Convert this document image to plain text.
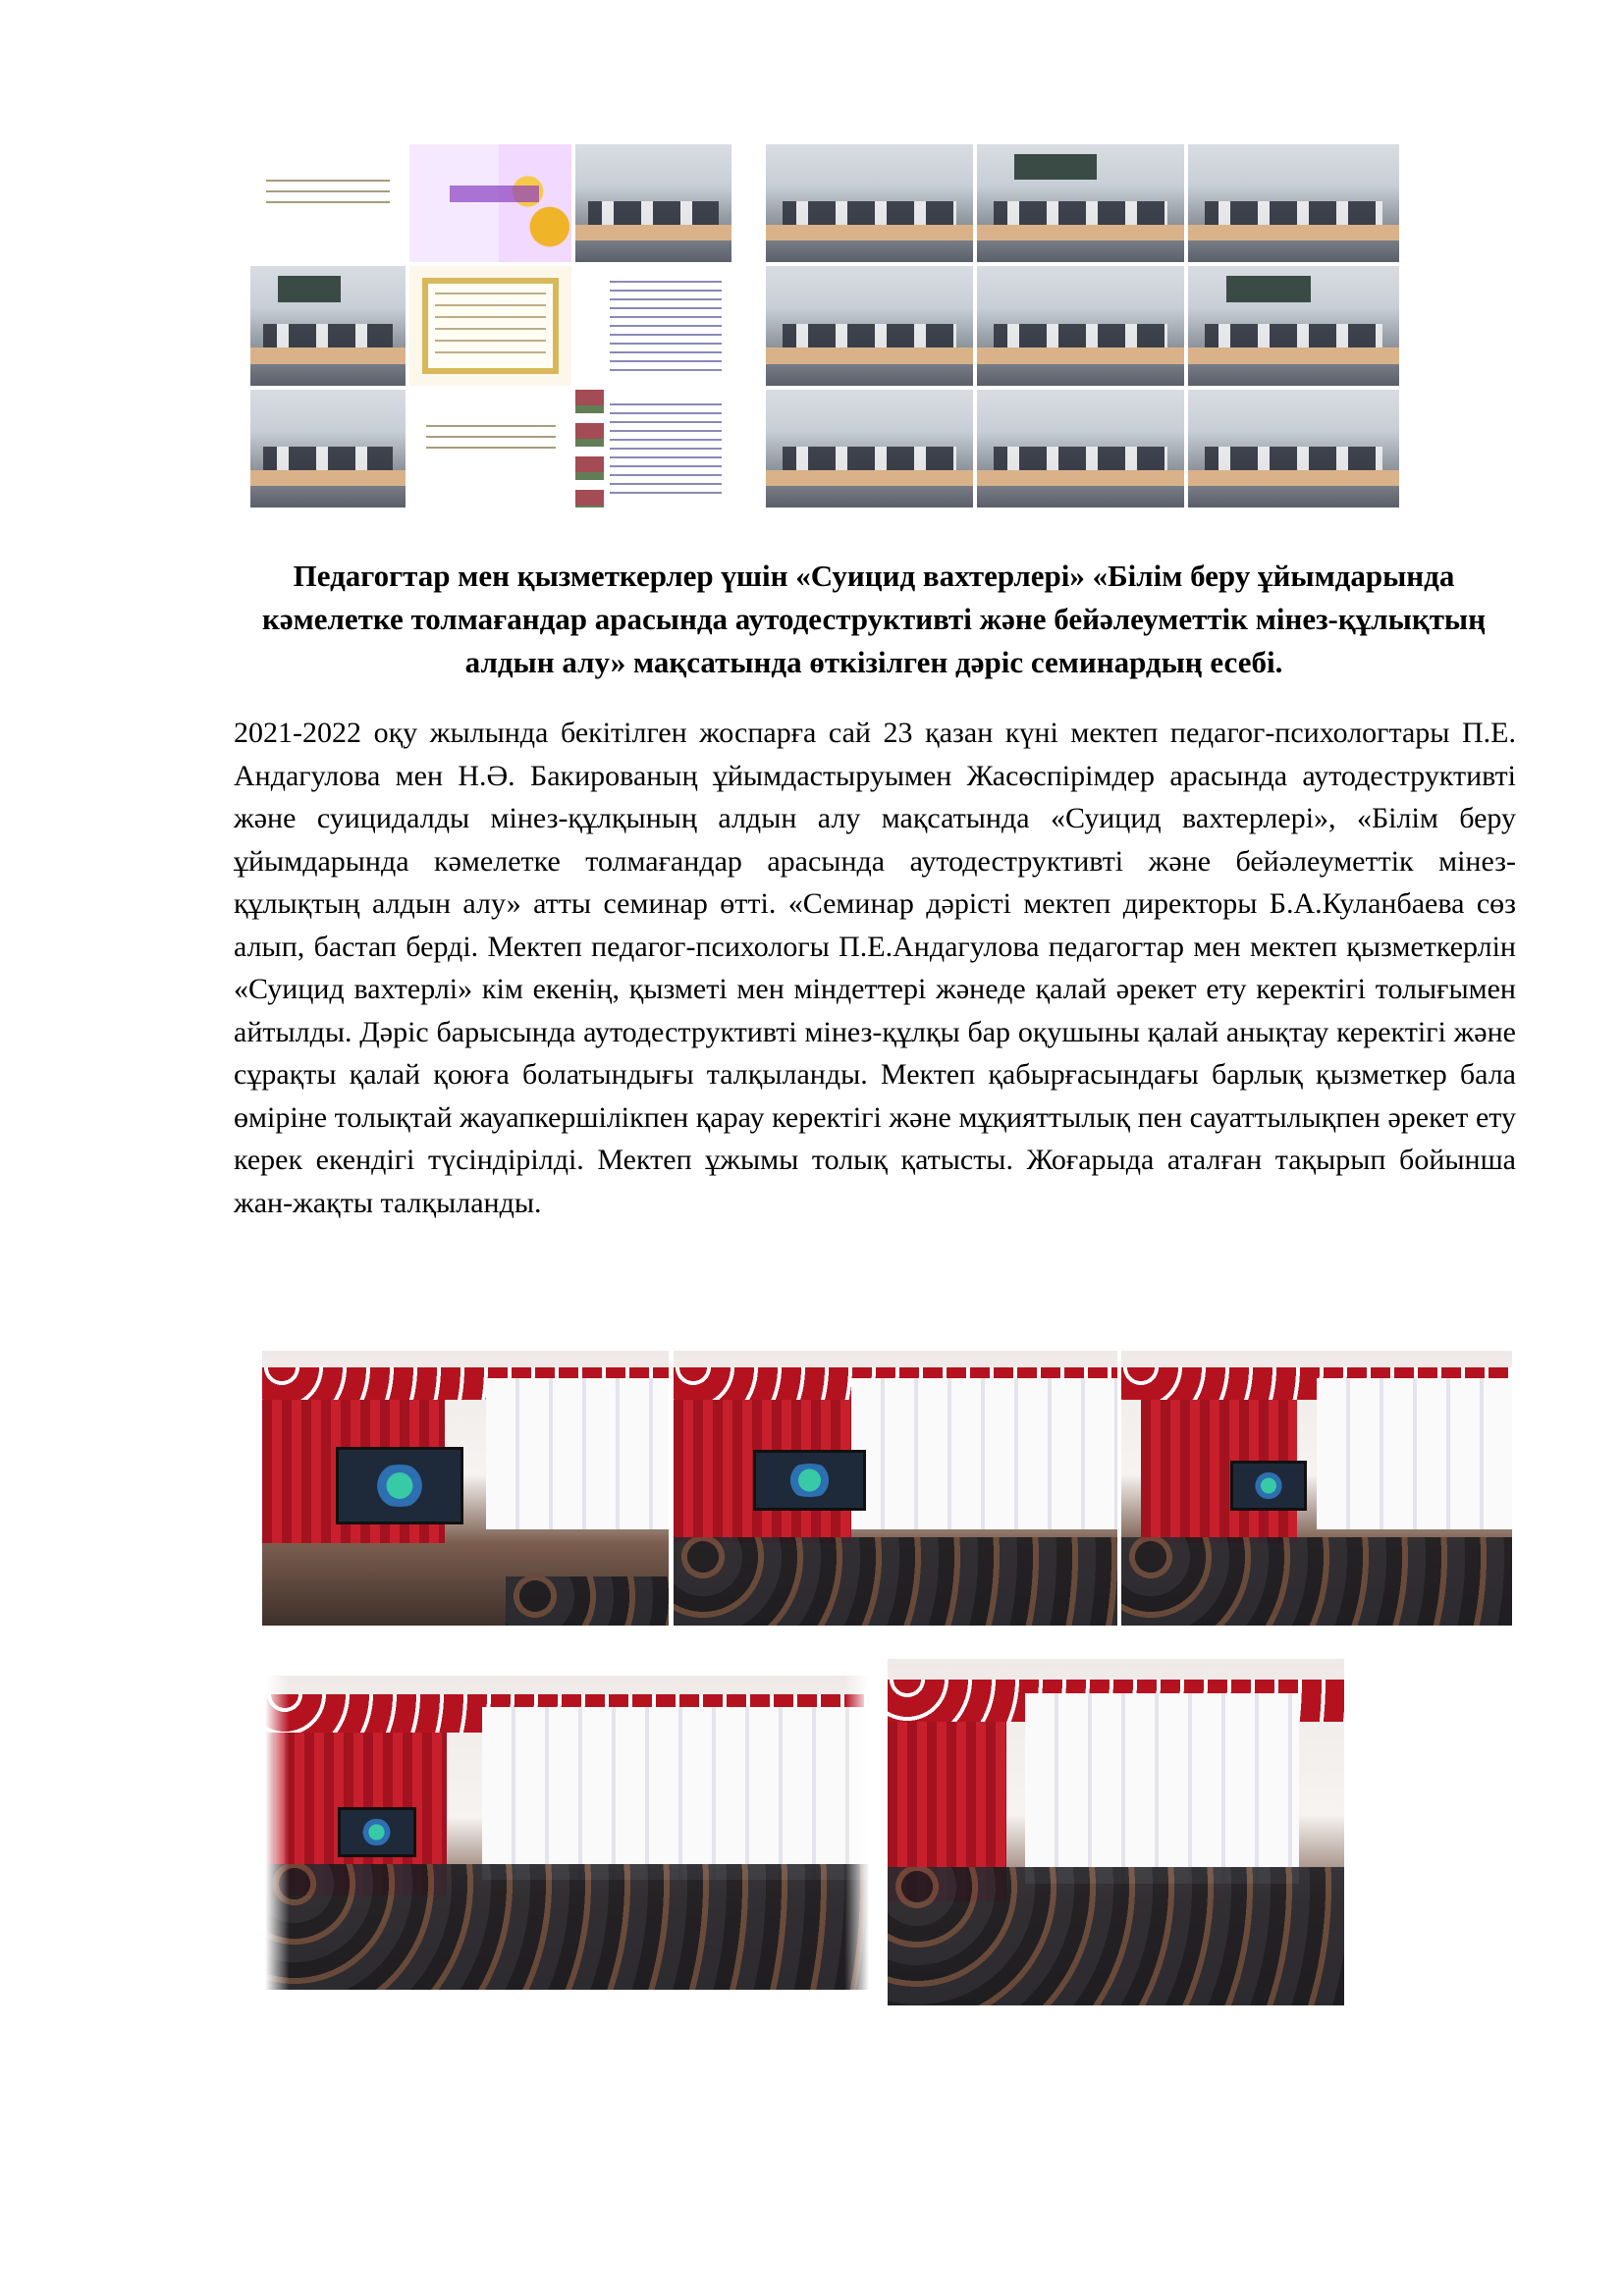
Педагогтар мен қызметкерлер үшін «Суицид вахтерлері» «Білім беру ұйымдарында кәмелетке толмағандар арасында аутодеструктивті және бейәлеуметтік мінез-құлықтың алдын алу» мақсатында өткізілген дәріс семинардың есебі.

2021-2022 оқу жылында бекітілген жоспарға сай 23 қазан күні мектеп педагог-психологтары П.Е. Андагулова мен Н.Ә. Бакированың ұйымдастыруымен Жасөспірімдер арасында аутодеструктивті және суицидалды мінез-құлқының алдын алу мақсатында «Суицид вахтерлері», «Білім беру ұйымдарында кәмелетке толмағандар арасында аутодеструктивті және бейәлеуметтік мінез-құлықтың алдын алу» атты семинар өтті. «Семинар дәрісті мектеп директоры Б.А.Куланбаева сөз алып, бастап берді. Мектеп педагог-психологы П.Е.Андагулова педагогтар мен мектеп қызметкерлін «Суицид вахтерлі» кім екенің, қызметі мен міндеттері жәнеде қалай әрекет ету керектігі толығымен айтылды. Дәріс барысында аутодеструктивті мінез-құлқы бар оқушыны қалай анықтау керектігі және сұрақты қалай қоюға болатындығы талқыланды. Мектеп қабырғасындағы барлық қызметкер бала өміріне толықтай жауапкершілікпен қарау керектігі және мұқияттылық пен сауаттылықпен әрекет ету керек екендігі түсіндірілді. Мектеп ұжымы толық қатысты. Жоғарыда аталған тақырып бойынша жан-жақты талқыланды.
